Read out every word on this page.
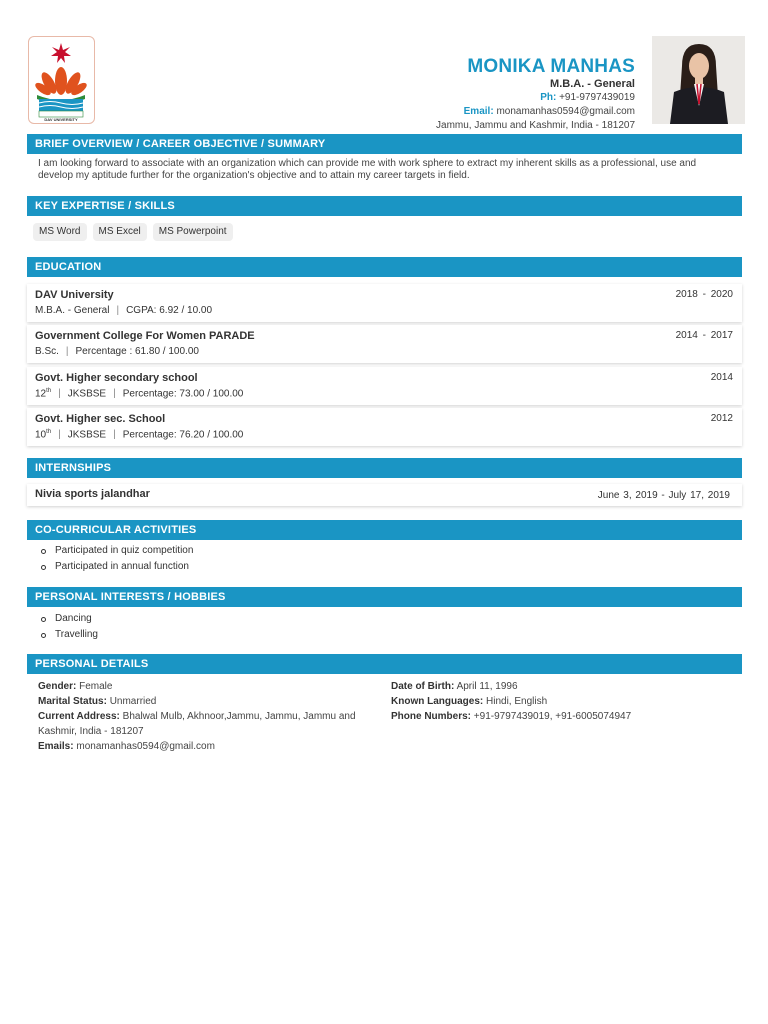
VIDAL
DAV UNIVERSITY
MONIKA MANHAS
M.B.A. - General
Ph: +91-9797439019
Email: monamanhas0594@gmail.com
Jammu, Jammu and Kashmir, India - 181207
BRIEF OVERVIEW / CAREER OBJECTIVE / SUMMARY
I am looking forward to associate with an organization which can provide me with work sphere to extract my inherent skills as a professional, use and develop my aptitude further for the organization's objective and to attain my career targets in field.
KEY EXPERTISE / SKILLS
MS Word	MS Excel	MS Powerpoint
EDUCATION
DAV University
M.B.A. - General | CGPA: 6.92 / 10.00
2018 - 2020
Government College For Women PARADE
B.Sc. | Percentage : 61.80 / 100.00
2014 - 2017
Govt. Higher secondary school
12th | JKSBSE | Percentage: 73.00 / 100.00
2014
Govt. Higher sec. School
10th | JKSBSE | Percentage: 76.20 / 100.00
2012
INTERNSHIPS
Nivia sports jalandhar	June 3, 2019 - July 17, 2019
CO-CURRICULAR ACTIVITIES
Participated in quiz competition
Participated in annual function
PERSONAL INTERESTS / HOBBIES
Dancing
Travelling
PERSONAL DETAILS
Gender: Female
Marital Status: Unmarried
Current Address: Bhalwal Mulb, Akhnoor,Jammu, Jammu, Jammu and Kashmir, India - 181207
Emails: monamanhas0594@gmail.com
Date of Birth: April 11, 1996
Known Languages: Hindi, English
Phone Numbers: +91-9797439019, +91-6005074947
